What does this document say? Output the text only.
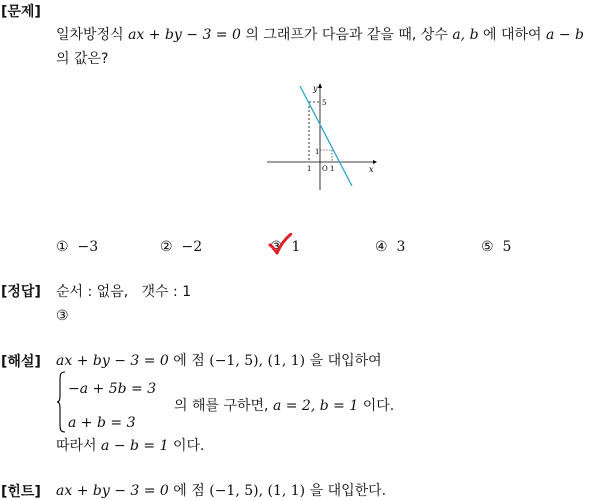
[문제]
일차방정식 ax + by − 3 = 0 의 그래프가 다음과 같을 때, 상수 a, b 에 대하여 a − b
의 값은?
y
x
5
1
1 O 1
① −3	② −2	③ 1	④ 3	⑤ 5
[정답] 순서 : 없음, 갯수 : 1
③
[해설] ax + by − 3 = 0 에 점 (−1, 5), (1, 1) 을 대입하여
−a + 5b = 3
a + b = 3
의 해를 구하면, a = 2, b = 1 이다.
따라서 a − b = 1 이다.
[힌트] ax + by − 3 = 0 에 점 (−1, 5), (1, 1) 을 대입한다.
